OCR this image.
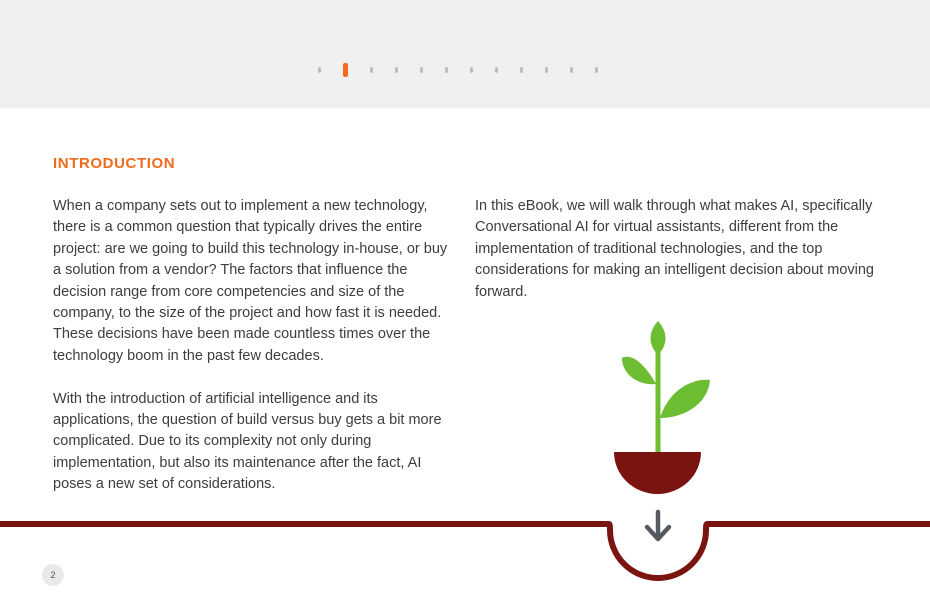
INTRODUCTION

When a company sets out to implement a new technology, there is a common question that typically drives the entire project: are we going to build this technology in-house, or buy a solution from a vendor? The factors that influence the decision range from core competencies and size of the company, to the size of the project and how fast it is needed. These decisions have been made countless times over the technology boom in the past few decades.

With the introduction of artificial intelligence and its applications, the question of build versus buy gets a bit more complicated. Due to its complexity not only during implementation, but also its maintenance after the fact, AI poses a new set of considerations.

In this eBook, we will walk through what makes AI, specifically Conversational AI for virtual assistants, different from the implementation of traditional technologies, and the top considerations for making an intelligent decision about moving forward.

2
